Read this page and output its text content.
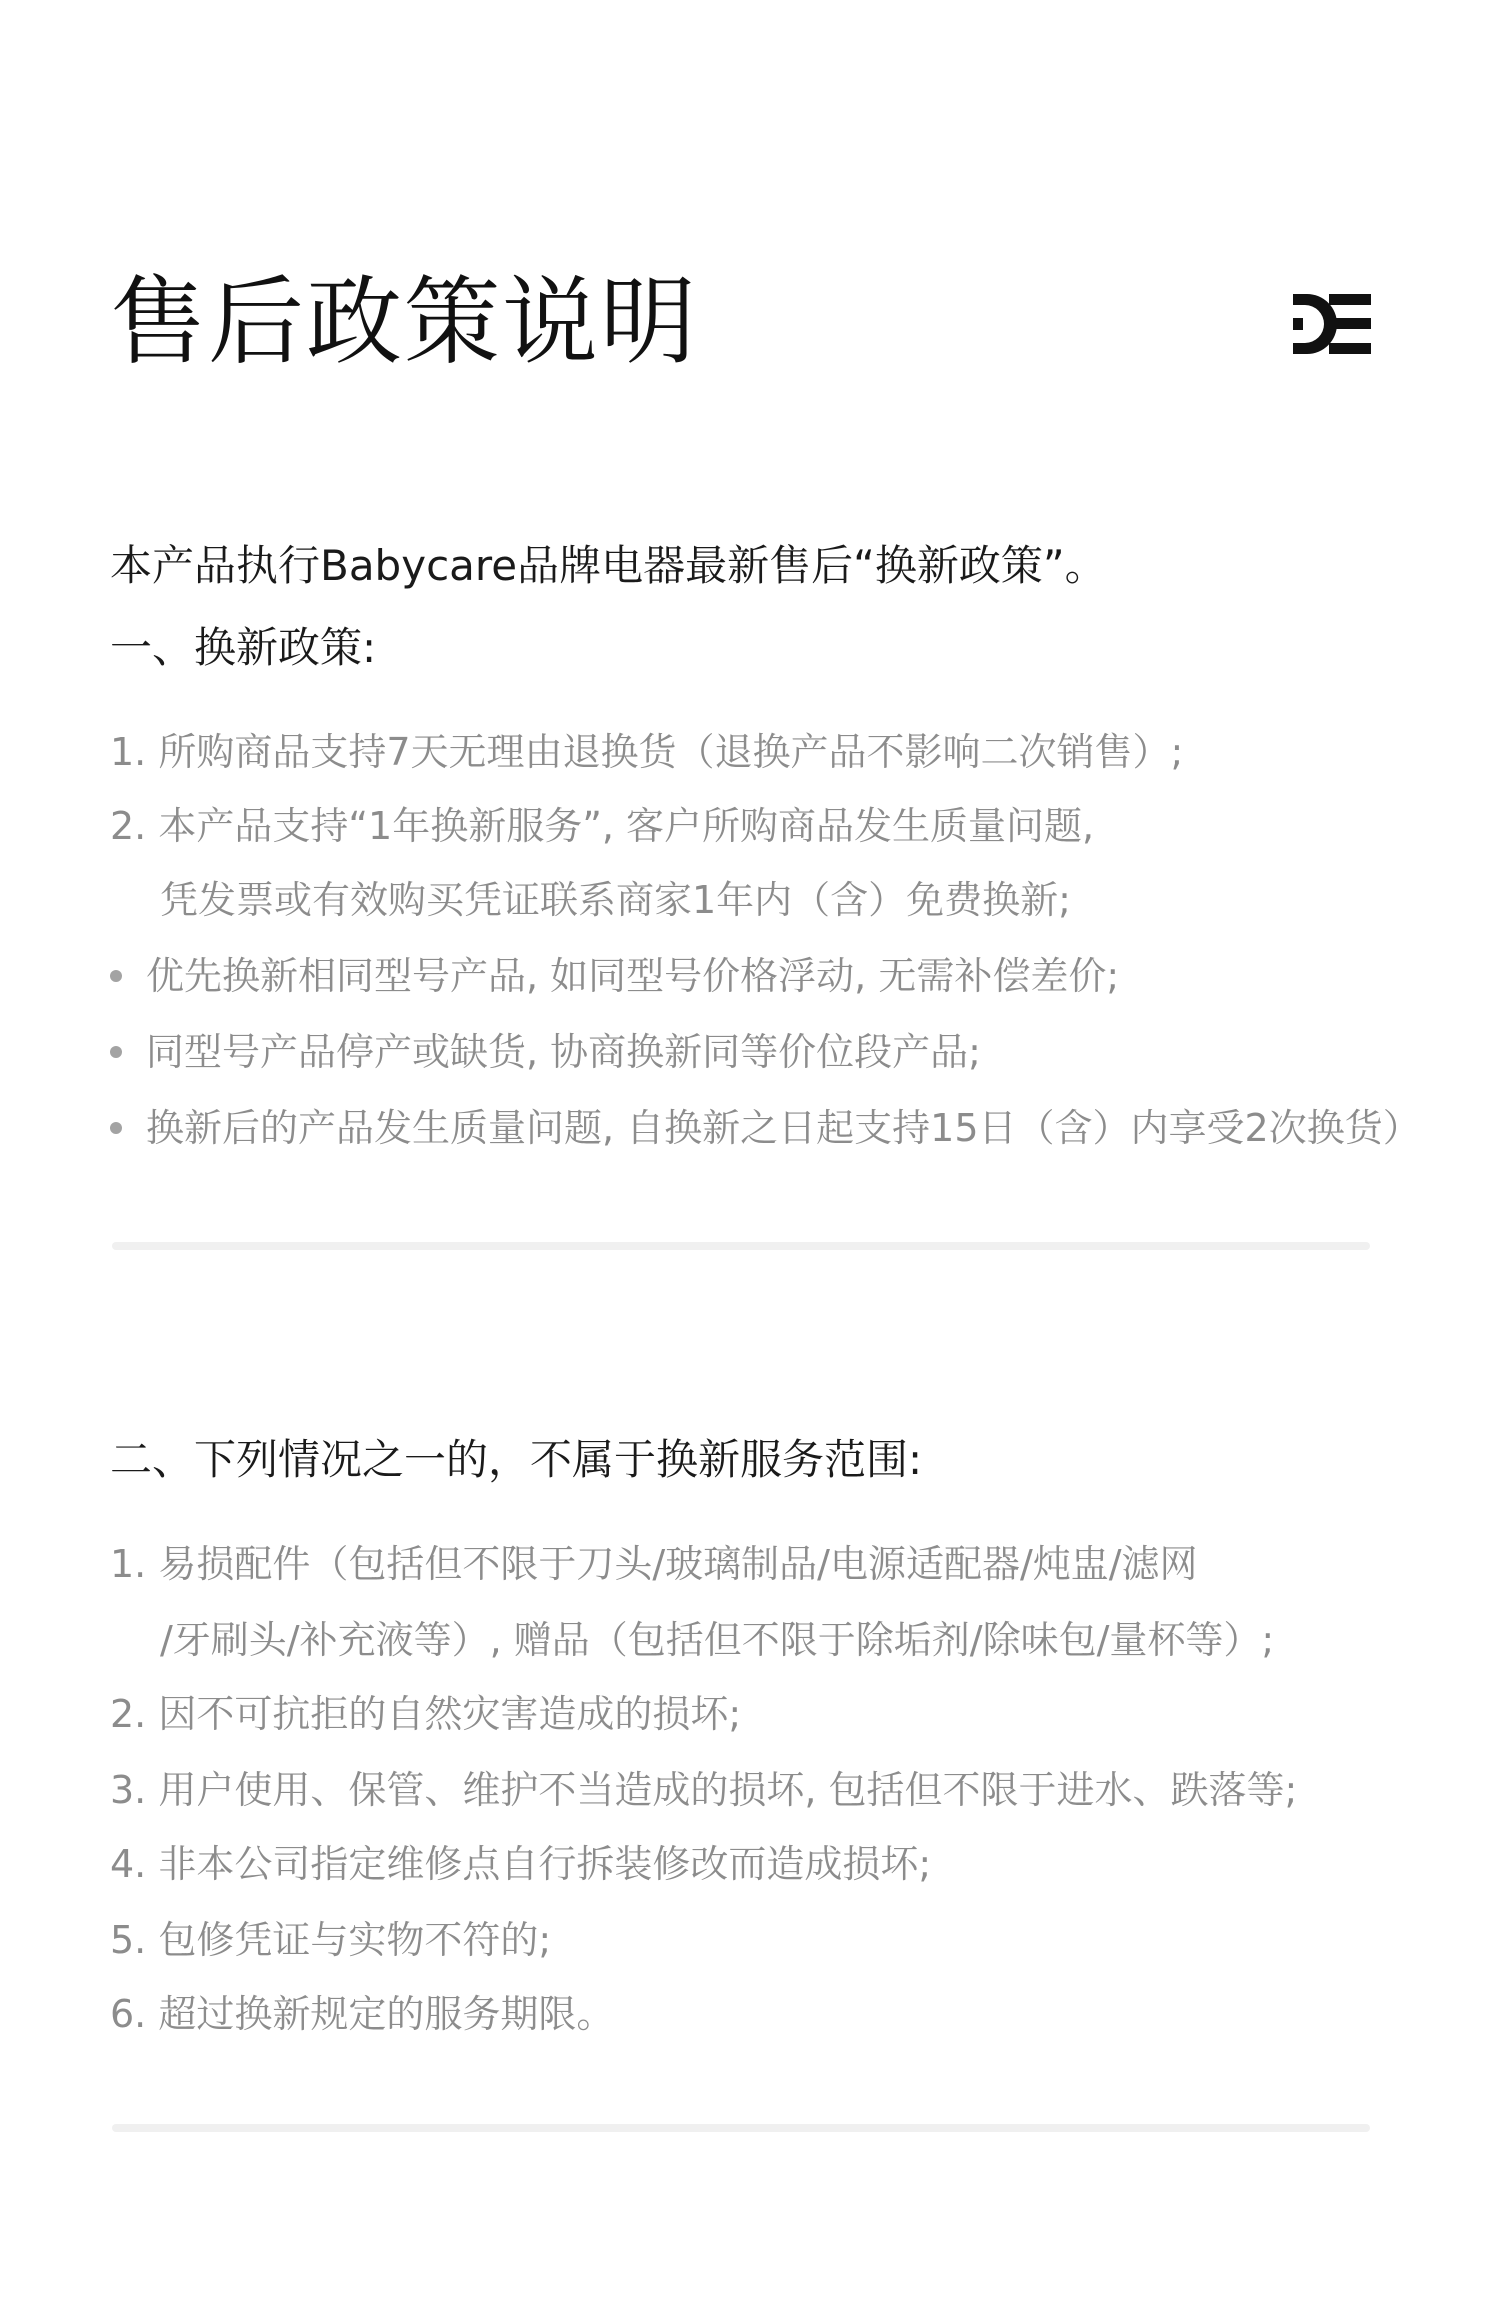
售后政策说明
本产品执行Babycare品牌电器最新售后“换新政策”。
一、换新政策:
1. 所购商品支持7天无理由退换货（退换产品不影响二次销售）;
2. 本产品支持“1年换新服务”, 客户所购商品发生质量问题,
凭发票或有效购买凭证联系商家1年内（含）免费换新;
优先换新相同型号产品, 如同型号价格浮动, 无需补偿差价;
同型号产品停产或缺货, 协商换新同等价位段产品;
换新后的产品发生质量问题, 自换新之日起支持15日（含）内享受2次换货）
二、下列情况之一的，不属于换新服务范围:
1. 易损配件（包括但不限于刀头/玻璃制品/电源适配器/炖盅/滤网
/牙刷头/补充液等）, 赠品（包括但不限于除垢剂/除味包/量杯等）;
2. 因不可抗拒的自然灾害造成的损坏;
3. 用户使用、保管、维护不当造成的损坏, 包括但不限于进水、跌落等;
4. 非本公司指定维修点自行拆装修改而造成损坏;
5. 包修凭证与实物不符的;
6. 超过换新规定的服务期限。
